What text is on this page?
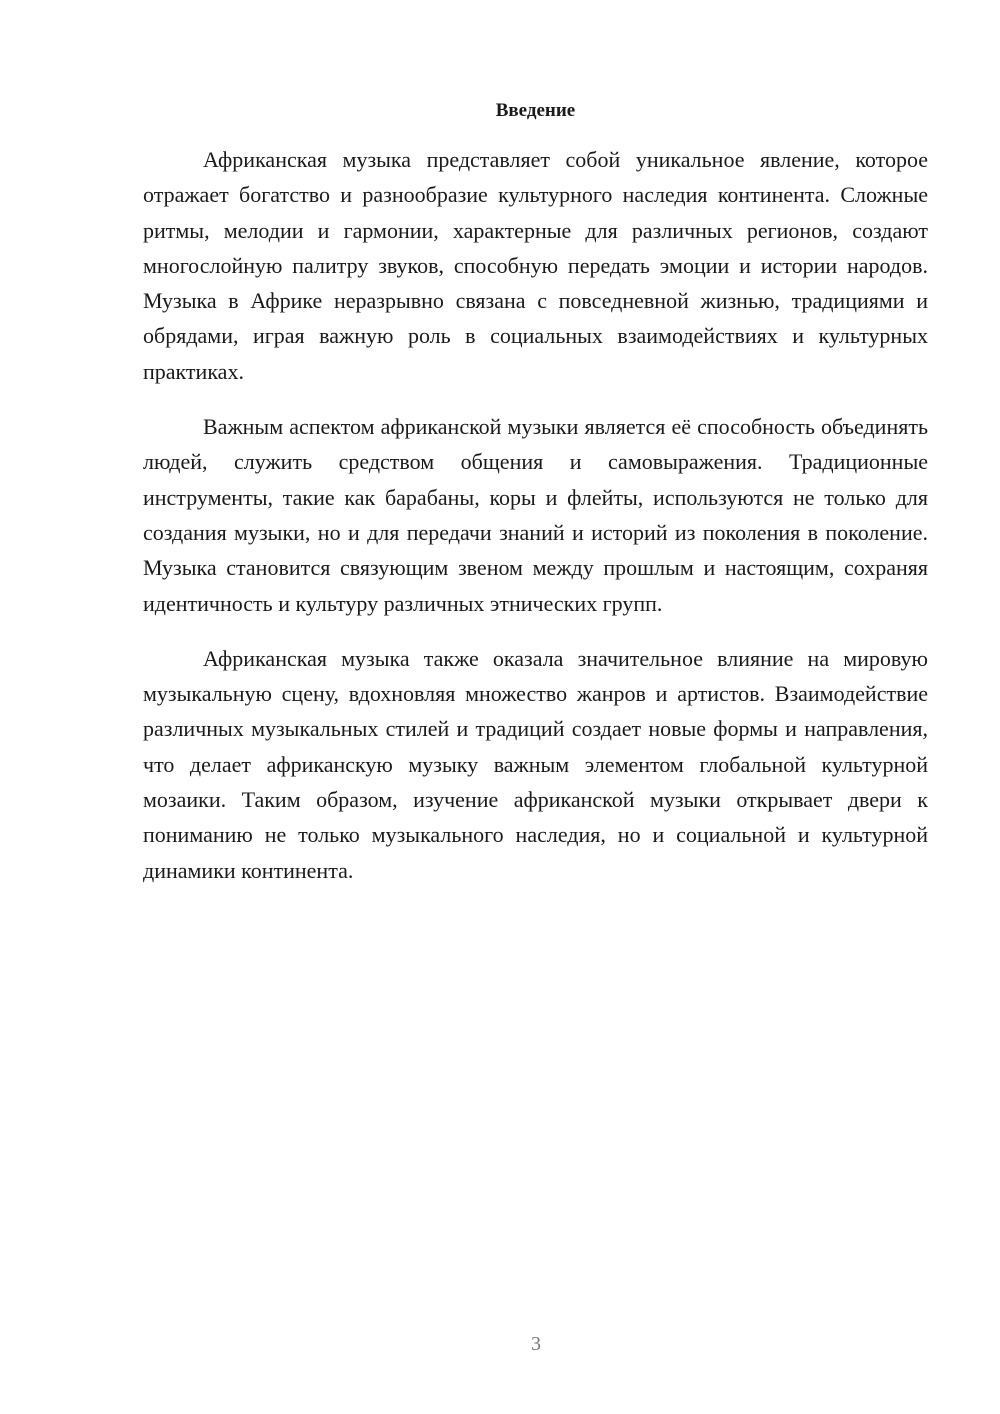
Введение

Африканская музыка представляет собой уникальное явление, которое отражает богатство и разнообразие культурного наследия континента. Сложные ритмы, мелодии и гармонии, характерные для различных регионов, создают многослойную палитру звуков, способную передать эмоции и истории народов. Музыка в Африке неразрывно связана с повседневной жизнью, традициями и обрядами, играя важную роль в социальных взаимодействиях и культурных практиках.

Важным аспектом африканской музыки является её способность объединять людей, служить средством общения и самовыражения. Традиционные инструменты, такие как барабаны, коры и флейты, используются не только для создания музыки, но и для передачи знаний и историй из поколения в поколение. Музыка становится связующим звеном между прошлым и настоящим, сохраняя идентичность и культуру различных этнических групп.

Африканская музыка также оказала значительное влияние на мировую музыкальную сцену, вдохновляя множество жанров и артистов. Взаимодействие различных музыкальных стилей и традиций создает новые формы и направления, что делает африканскую музыку важным элементом глобальной культурной мозаики. Таким образом, изучение африканской музыки открывает двери к пониманию не только музыкального наследия, но и социальной и культурной динамики континента.

3
